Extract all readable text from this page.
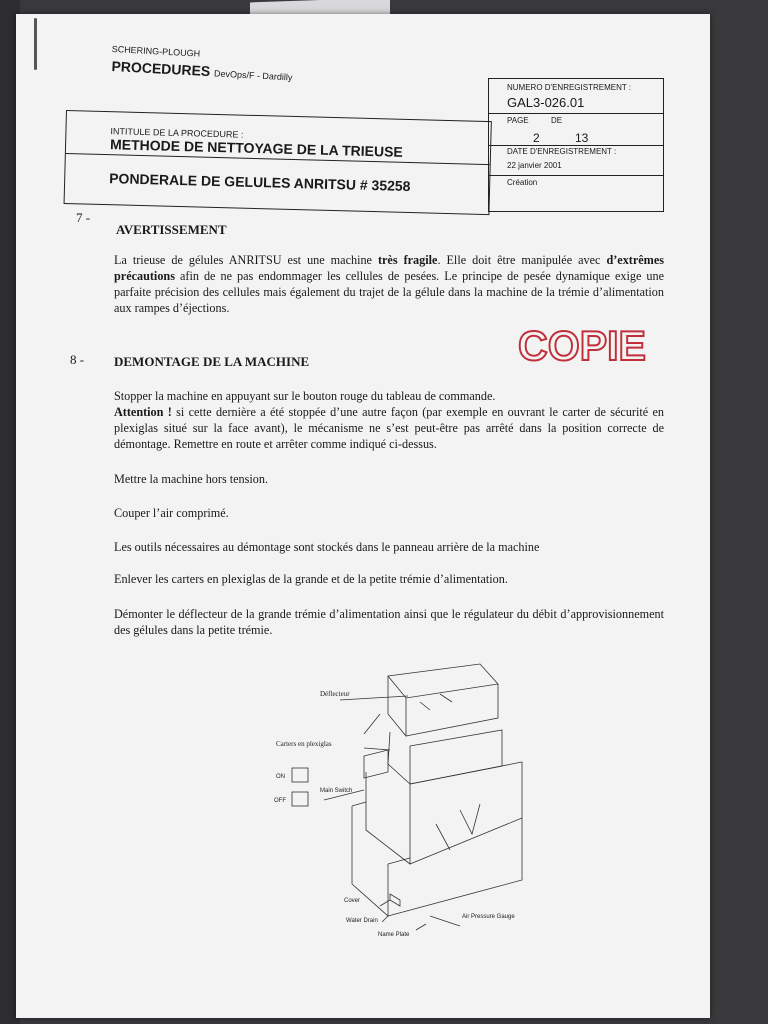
SCHERING-PLOUGH
PROCEDURES DevOps/F - Dardilly
INTITULE DE LA PROCEDURE :
METHODE DE NETTOYAGE DE LA TRIEUSE
PONDERALE DE GELULES ANRITSU # 35258
NUMERO D'ENREGISTREMENT :
GAL3-026.01
PAGE	DE
2	13
DATE D'ENREGISTREMENT :
22 janvier 2001
Création
7 -
AVERTISSEMENT
La trieuse de gélules ANRITSU est une machine très fragile. Elle doit être manipulée avec d’extrêmes précautions afin de ne pas endommager les cellules de pesées. Le principe de pesée dynamique exige une parfaite précision des cellules mais également du trajet de la gélule dans la machine de la trémie d’alimentation aux rampes d’éjections.
COPIE
8 - DEMONTAGE DE LA MACHINE
Stopper la machine en appuyant sur le bouton rouge du tableau de commande.
Attention ! si cette dernière a été stoppée d’une autre façon (par exemple en ouvrant le carter de sécurité en plexiglas situé sur la face avant), le mécanisme ne s’est peut-être pas arrêté dans la position correcte de démontage. Remettre en route et arrêter comme indiqué ci-dessus.
Mettre la machine hors tension.
Couper l’air comprimé.
Les outils nécessaires au démontage sont stockés dans le panneau arrière de la machine
Enlever les carters en plexiglas de la grande et de la petite trémie d’alimentation.
Démonter le déflecteur de la grande trémie d’alimentation ainsi que le régulateur du débit d’approvisionnement des gélules dans la petite trémie.
Déflecteur
Carters en plexiglas
ON
OFF
Main Switch
Cover
Water Drain
Name Plate
Air Pressure Gauge
